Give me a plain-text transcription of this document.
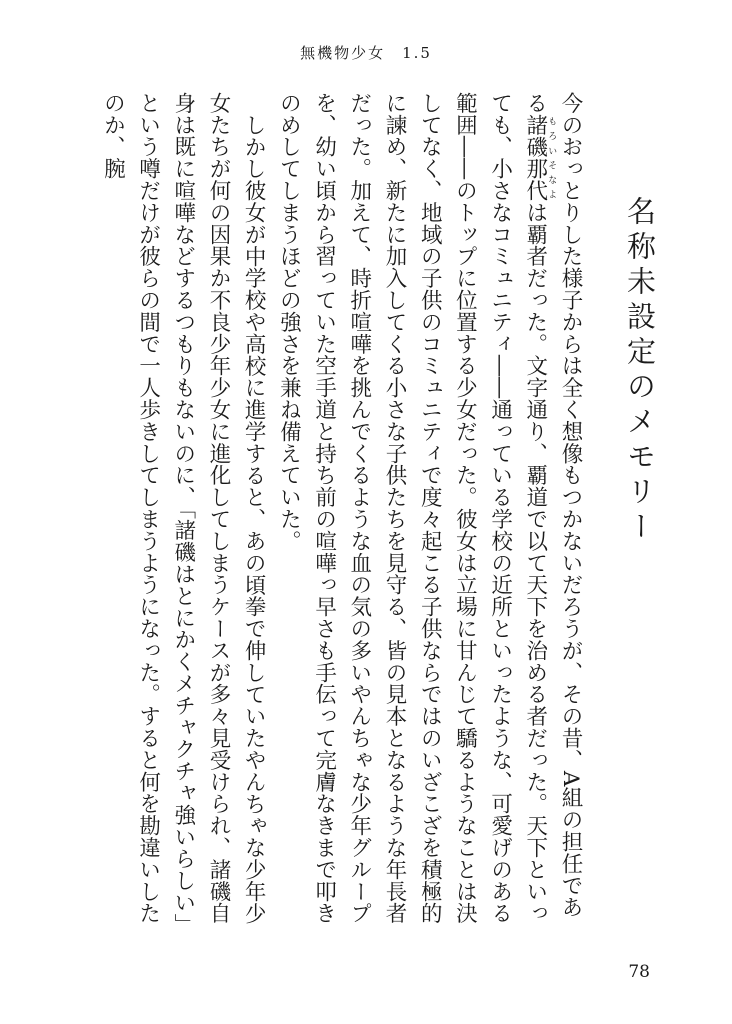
無機物少女　1.5
名称未設定のメモリー

今のおっとりした様子からは全く想像もつかないだろうが、その昔、A組の担任である諸磯那代もろいそなよは覇者だった。文字通り、覇道で以て天下を治める者だった。天下といっても、小さなコミュニティ――通っている学校の近所といったような、可愛げのある範囲――のトップに位置する少女だった。彼女は立場に甘んじて驕るようなことは決してなく、地域の子供のコミュニティで度々起こる子供ならではのいざこざを積極的に諫め、新たに加入してくる小さな子供たちを見守る、皆の見本となるような年長者だった。加えて、時折喧嘩を挑んでくるような血の気の多いやんちゃな少年グループを、幼い頃から習っていた空手道と持ち前の喧嘩っ早さも手伝って完膚なきまで叩きのめしてしまうほどの強さを兼ね備えていた。

しかし彼女が中学校や高校に進学すると、あの頃拳で伸していたやんちゃな少年少女たちが何の因果か不良少年少女に進化してしまうケースが多々見受けられ、諸磯自身は既に喧嘩などするつもりもないのに、「諸磯はとにかくメチャクチャ強いらしい」という噂だけが彼らの間で一人歩きしてしまうようになった。すると何を勘違いしたのか、腕

78
